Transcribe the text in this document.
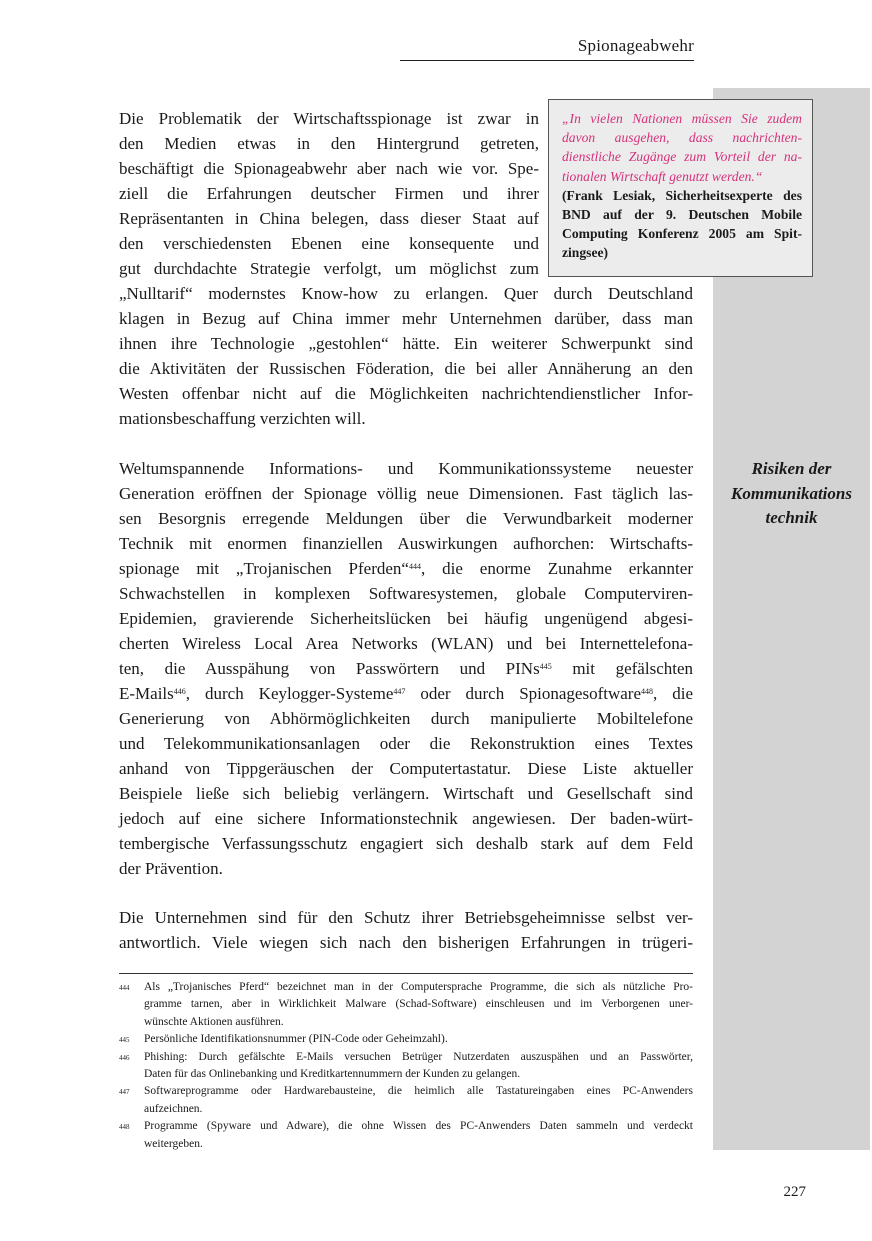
Spionageabwehr
Risiken der
Kommunikations
technik
„In vielen Nationen müssen Sie zudem
davon ausgehen, dass nachrichten-
dienstliche Zugänge zum Vorteil der na-
tionalen Wirtschaft genutzt werden.“
(Frank Lesiak, Sicherheitsexperte des
BND auf der 9. Deutschen Mobile
Computing Konferenz 2005 am Spit-
zingsee)

Die Problematik der Wirtschaftsspionage ist zwar in
den Medien etwas in den Hintergrund getreten,
beschäftigt die Spionageabwehr aber nach wie vor. Spe-
ziell die Erfahrungen deutscher Firmen und ihrer
Repräsentanten in China belegen, dass dieser Staat auf
den verschiedensten Ebenen eine konsequente und
gut durchdachte Strategie verfolgt, um möglichst zum
„Nulltarif“ modernstes Know-how zu erlangen. Quer durch Deutschland
klagen in Bezug auf China immer mehr Unternehmen darüber, dass man
ihnen ihre Technologie „gestohlen“ hätte. Ein weiterer Schwerpunkt sind
die Aktivitäten der Russischen Föderation, die bei aller Annäherung an den
Westen offenbar nicht auf die Möglichkeiten nachrichtendienstlicher Infor-
mationsbeschaffung verzichten will.

Weltumspannende Informations- und Kommunikationssysteme neuester
Generation eröffnen der Spionage völlig neue Dimensionen. Fast täglich las-
sen Besorgnis erregende Meldungen über die Verwundbarkeit moderner
Technik mit enormen finanziellen Auswirkungen aufhorchen: Wirtschafts-
spionage mit „Trojanischen Pferden“$^{444}$, die enorme Zunahme erkannter
Schwachstellen in komplexen Softwaresystemen, globale Computerviren-
Epidemien, gravierende Sicherheitslücken bei häufig ungenügend abgesi-
cherten Wireless Local Area Networks (WLAN) und bei Internettelefona-
ten, die Ausspähung von Passwörtern und PINs$^{445}$ mit gefälschten
E-Mails$^{446}$, durch Keylogger-Systeme$^{447}$ oder durch Spionagesoftware$^{448}$, die
Generierung von Abhörmöglichkeiten durch manipulierte Mobiltelefone
und Telekommunikationsanlagen oder die Rekonstruktion eines Textes
anhand von Tippgeräuschen der Computertastatur. Diese Liste aktueller
Beispiele ließe sich beliebig verlängern. Wirtschaft und Gesellschaft sind
jedoch auf eine sichere Informationstechnik angewiesen. Der baden-würt-
tembergische Verfassungsschutz engagiert sich deshalb stark auf dem Feld
der Prävention.

Die Unternehmen sind für den Schutz ihrer Betriebsgeheimnisse selbst ver-
antwortlich. Viele wiegen sich nach den bisherigen Erfahrungen in trügeri-

444 Als „Trojanisches Pferd“ bezeichnet man in der Computersprache Programme, die sich als nützliche Pro-
gramme tarnen, aber in Wirklichkeit Malware (Schad-Software) einschleusen und im Verborgenen uner-
wünschte Aktionen ausführen.
445 Persönliche Identifikationsnummer (PIN-Code oder Geheimzahl).
446 Phishing: Durch gefälschte E-Mails versuchen Betrüger Nutzerdaten auszuspähen und an Passwörter,
Daten für das Onlinebanking und Kreditkartennummern der Kunden zu gelangen.
447 Softwareprogramme oder Hardwarebausteine, die heimlich alle Tastatureingaben eines PC-Anwenders
aufzeichnen.
448 Programme (Spyware und Adware), die ohne Wissen des PC-Anwenders Daten sammeln und verdeckt
weitergeben.
227
